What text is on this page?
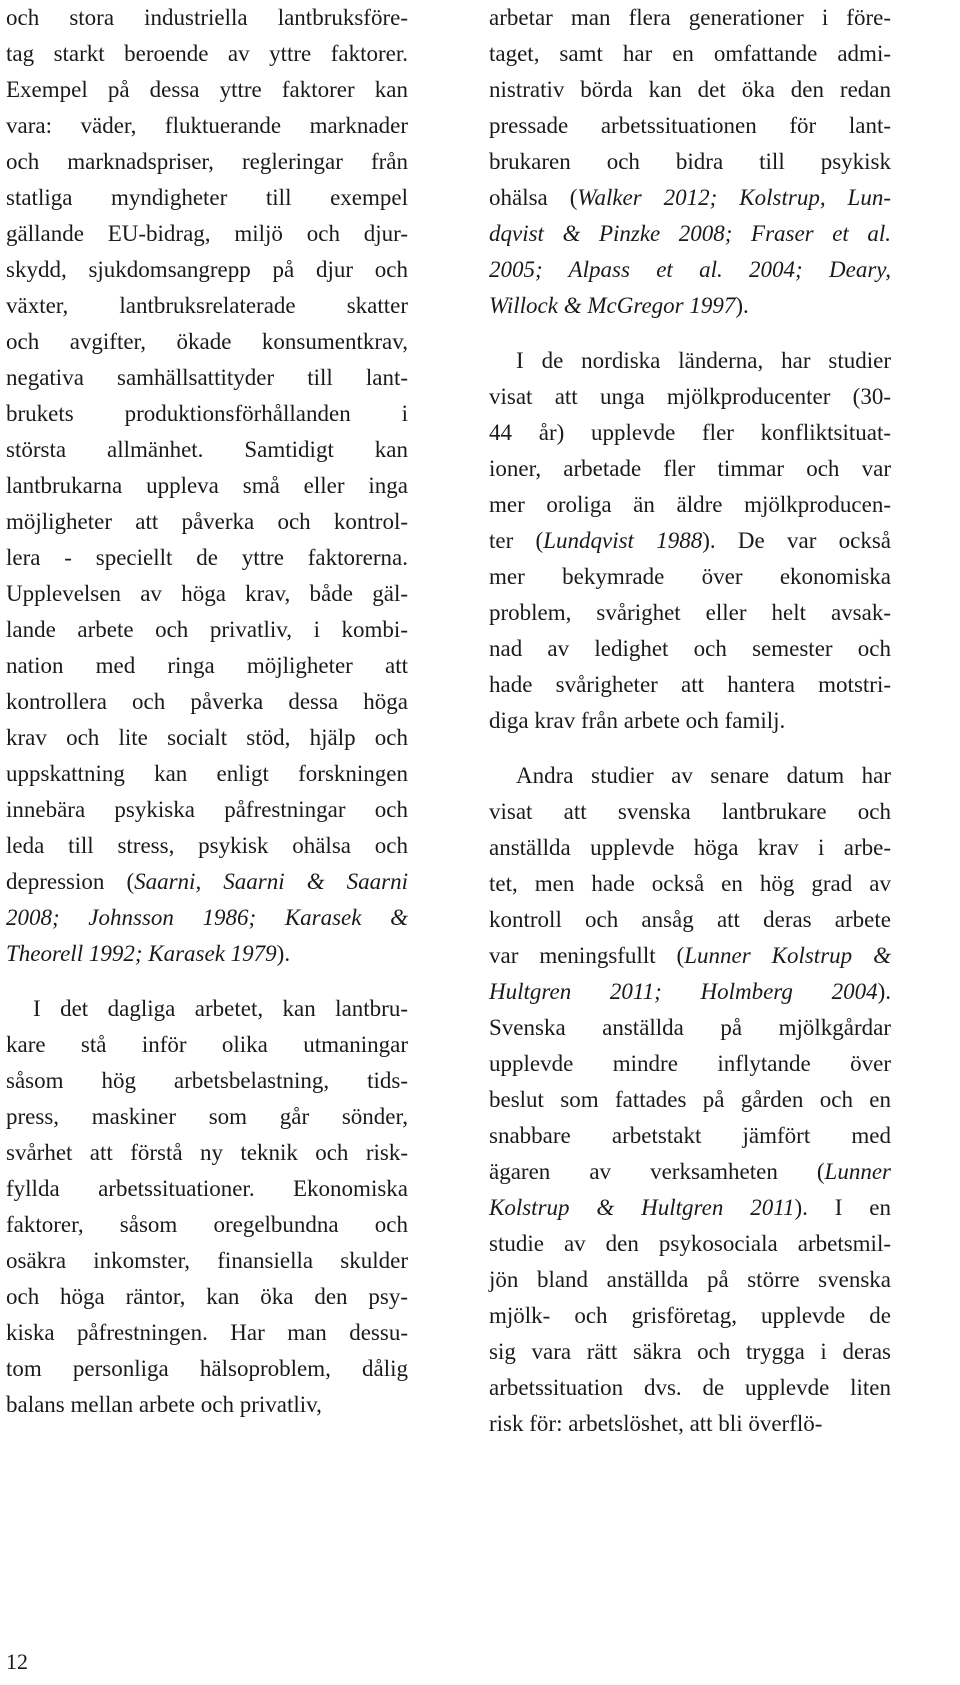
och stora industriella lantbruksföre-
tag starkt beroende av yttre faktorer.
Exempel på dessa yttre faktorer kan
vara: väder, fluktuerande marknader
och marknadspriser, regleringar från
statliga myndigheter till exempel
gällande EU-bidrag, miljö och djur-
skydd, sjukdomsangrepp på djur och
växter, lantbruksrelaterade skatter
och avgifter, ökade konsumentkrav,
negativa samhällsattityder till lant-
brukets produktionsförhållanden i
största allmänhet. Samtidigt kan
lantbrukarna uppleva små eller inga
möjligheter att påverka och kontrol-
lera - speciellt de yttre faktorerna.
Upplevelsen av höga krav, både gäl-
lande arbete och privatliv, i kombi-
nation med ringa möjligheter att
kontrollera och påverka dessa höga
krav och lite socialt stöd, hjälp och
uppskattning kan enligt forskningen
innebära psykiska påfrestningar och
leda till stress, psykisk ohälsa och
depression (Saarni, Saarni & Saarni
2008; Johnsson 1986; Karasek &
Theorell 1992; Karasek 1979).
I det dagliga arbetet, kan lantbru-
kare stå inför olika utmaningar
såsom hög arbetsbelastning, tids-
press, maskiner som går sönder,
svårhet att förstå ny teknik och risk-
fyllda arbetssituationer. Ekonomiska
faktorer, såsom oregelbundna och
osäkra inkomster, finansiella skulder
och höga räntor, kan öka den psy-
kiska påfrestningen. Har man dessu-
tom personliga hälsoproblem, dålig
balans mellan arbete och privatliv,
arbetar man flera generationer i före-
taget, samt har en omfattande admi-
nistrativ börda kan det öka den redan
pressade arbetssituationen för lant-
brukaren och bidra till psykisk
ohälsa (Walker 2012; Kolstrup, Lun-
dqvist & Pinzke 2008; Fraser et al.
2005; Alpass et al. 2004; Deary,
Willock & McGregor 1997).
I de nordiska länderna, har studier
visat att unga mjölkproducenter (30-
44 år) upplevde fler konfliktsituat-
ioner, arbetade fler timmar och var
mer oroliga än äldre mjölkproducen-
ter (Lundqvist 1988). De var också
mer bekymrade över ekonomiska
problem, svårighet eller helt avsak-
nad av ledighet och semester och
hade svårigheter att hantera motstri-
diga krav från arbete och familj.
Andra studier av senare datum har
visat att svenska lantbrukare och
anställda upplevde höga krav i arbe-
tet, men hade också en hög grad av
kontroll och ansåg att deras arbete
var meningsfullt (Lunner Kolstrup &
Hultgren 2011; Holmberg 2004).
Svenska anställda på mjölkgårdar
upplevde mindre inflytande över
beslut som fattades på gården och en
snabbare arbetstakt jämfört med
ägaren av verksamheten (Lunner
Kolstrup & Hultgren 2011). I en
studie av den psykosociala arbetsmil-
jön bland anställda på större svenska
mjölk- och grisföretag, upplevde de
sig vara rätt säkra och trygga i deras
arbetssituation dvs. de upplevde liten
risk för: arbetslöshet, att bli överflö-
12
